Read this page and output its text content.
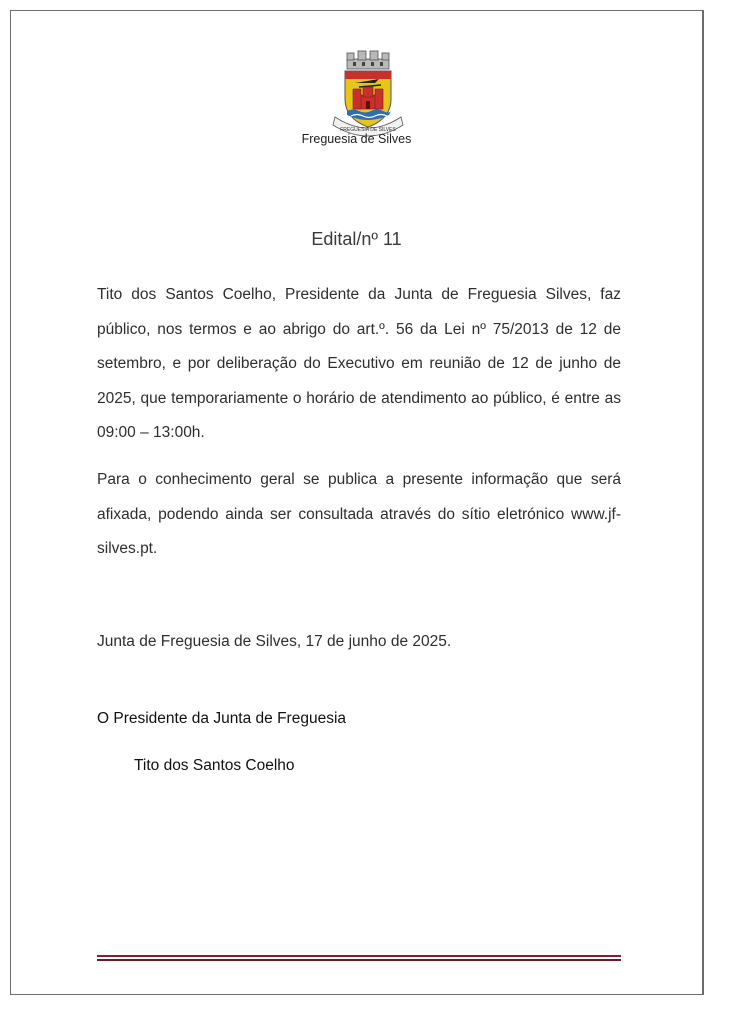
FREGUESIA DE SILVES
Freguesia de Silves
Edital/nº 11

Tito dos Santos Coelho, Presidente da Junta de Freguesia Silves, faz público, nos termos e ao abrigo do art.º. 56 da Lei nº 75/2013 de 12 de setembro, e por deliberação do Executivo em reunião de 12 de junho de 2025, que temporariamente o horário de atendimento ao público, é entre as 09:00 – 13:00h.

Para o conhecimento geral se publica a presente informação que será afixada, podendo ainda ser consultada através do sítio eletrónico www.jf-silves.pt.

Junta de Freguesia de Silves, 17 de junho de 2025.

O Presidente da Junta de Freguesia
Tito dos Santos Coelho
